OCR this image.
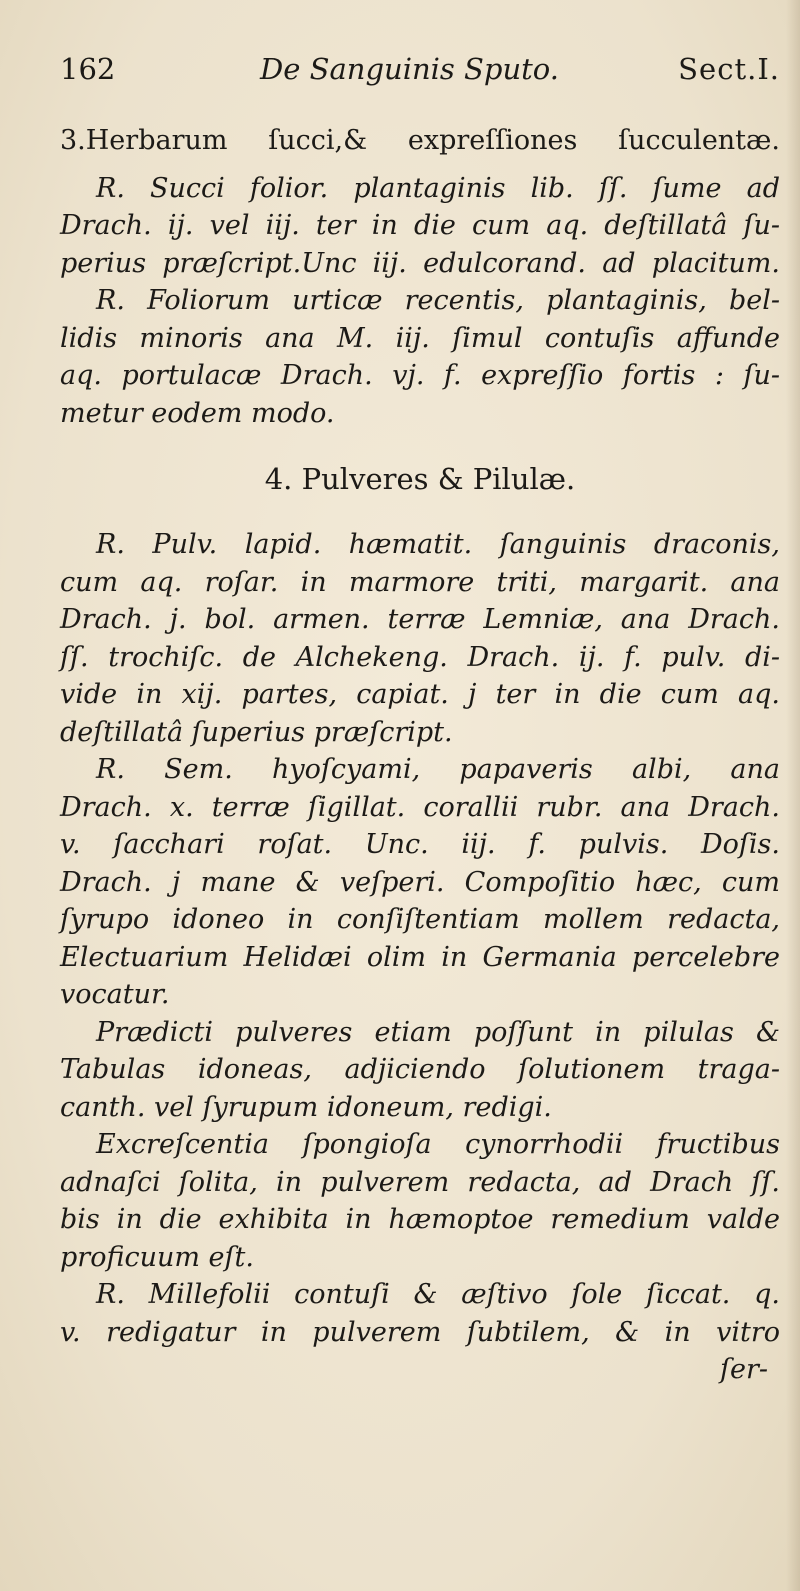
162	De Sanguinis Sputo.	Sect.I.
3.Herbarum ſucci,& expreſſiones ſucculentæ.
R. Succi folior. plantaginis lib. ſſ. ſume ad
Drach. ij. vel iij. ter in die cum aq. deſtillatâ ſu-
perius præſcript.Unc iij. edulcorand. ad placitum.
R. Foliorum urticæ recentis, plantaginis, bel-
lidis minoris ana M. iij. ſimul contuſis affunde
aq. portulacæ Drach. vj. f. expreſſio fortis : ſu-
metur eodem modo.
4. Pulveres & Pilulæ.
R. Pulv. lapid. hæmatit. ſanguinis draconis,
cum aq. roſar. in marmore triti, margarit. ana
Drach. j. bol. armen. terræ Lemniæ, ana Drach.
ſſ. trochiſc. de Alchekeng. Drach. ij. f. pulv. di-
vide in xij. partes, capiat. j ter in die cum aq.
deſtillatâ ſuperius præſcript.
R. Sem. hyoſcyami, papaveris albi, ana
Drach. x. terræ ſigillat. corallii rubr. ana Drach.
v. ſacchari roſat. Unc. iij. f. pulvis. Doſis.
Drach. j mane & veſperi. Compoſitio hæc, cum
ſyrupo idoneo in conſiſtentiam mollem redacta,
Electuarium Helidæi olim in Germania percelebre
vocatur.
Prædicti pulveres etiam poſſunt in pilulas &
Tabulas idoneas, adjiciendo ſolutionem traga-
canth. vel ſyrupum idoneum, redigi.
Excreſcentia ſpongioſa cynorrhodii fructibus
adnaſci ſolita, in pulverem redacta, ad Drach ſſ.
bis in die exhibita in hæmoptoe remedium valde
proficuum eſt.
R. Millefolii contuſi & æſtivo ſole ſiccat. q.
v. redigatur in pulverem ſubtilem, & in vitro
ſer-
